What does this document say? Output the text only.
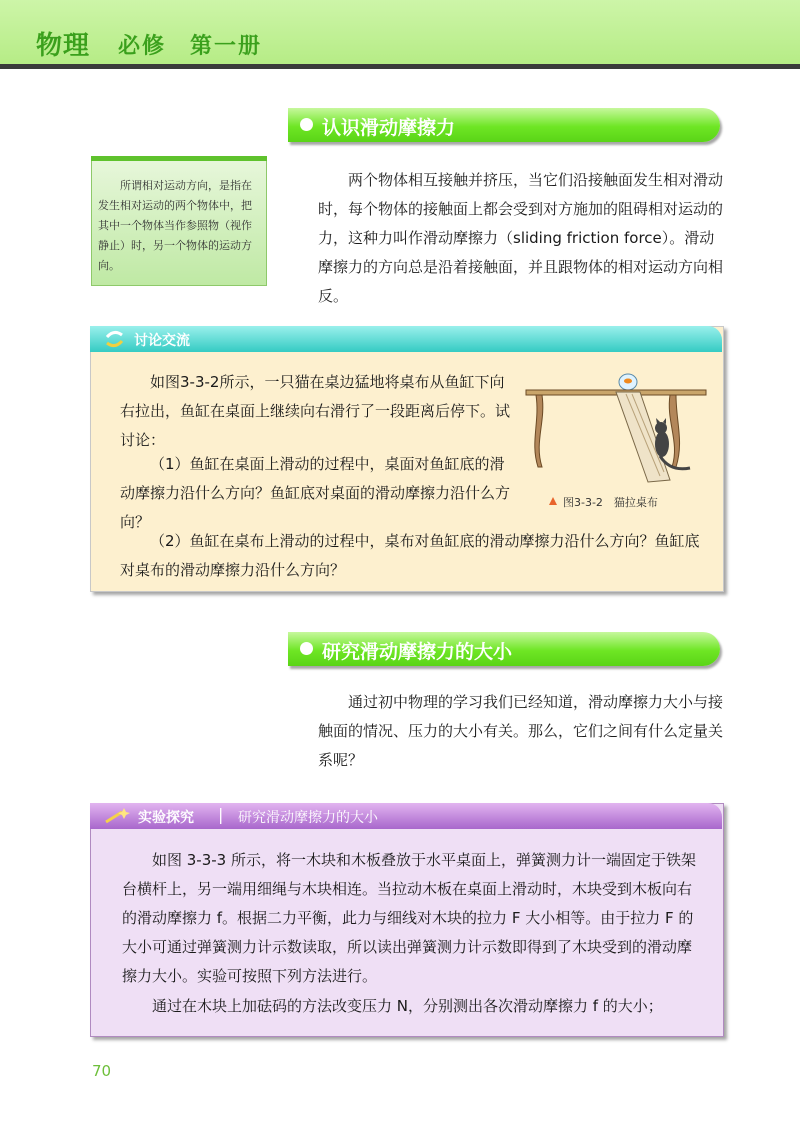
物理 必修　第一册
认识滑动摩擦力
所谓相对运动方向，是指在发生相对运动的两个物体中，把其中一个物体当作参照物（视作静止）时，另一个物体的运动方向。
两个物体相互接触并挤压，当它们沿接触面发生相对滑动时，每个物体的接触面上都会受到对方施加的阻碍相对运动的力，这种力叫作滑动摩擦力（sliding friction force）。滑动摩擦力的方向总是沿着接触面，并且跟物体的相对运动方向相反。
讨论交流
如图3-3-2所示，一只猫在桌边猛地将桌布从鱼缸下向右拉出，鱼缸在桌面上继续向右滑行了一段距离后停下。试讨论：
（1）鱼缸在桌面上滑动的过程中，桌面对鱼缸底的滑动摩擦力沿什么方向？鱼缸底对桌面的滑动摩擦力沿什么方向？
（2）鱼缸在桌布上滑动的过程中，桌布对鱼缸底的滑动摩擦力沿什么方向？鱼缸底对桌布的滑动摩擦力沿什么方向？
图3-3-2　猫拉桌布
研究滑动摩擦力的大小
通过初中物理的学习我们已经知道，滑动摩擦力大小与接触面的情况、压力的大小有关。那么，它们之间有什么定量关系呢？
实验探究 | 研究滑动摩擦力的大小
如图 3-3-3 所示，将一木块和木板叠放于水平桌面上，弹簧测力计一端固定于铁架台横杆上，另一端用细绳与木块相连。当拉动木板在桌面上滑动时，木块受到木板向右的滑动摩擦力 f。根据二力平衡，此力与细线对木块的拉力 F 大小相等。由于拉力 F 的大小可通过弹簧测力计示数读取，所以读出弹簧测力计示数即得到了木块受到的滑动摩擦力大小。实验可按照下列方法进行。
通过在木块上加砝码的方法改变压力 N，分别测出各次滑动摩擦力 f 的大小；
70
